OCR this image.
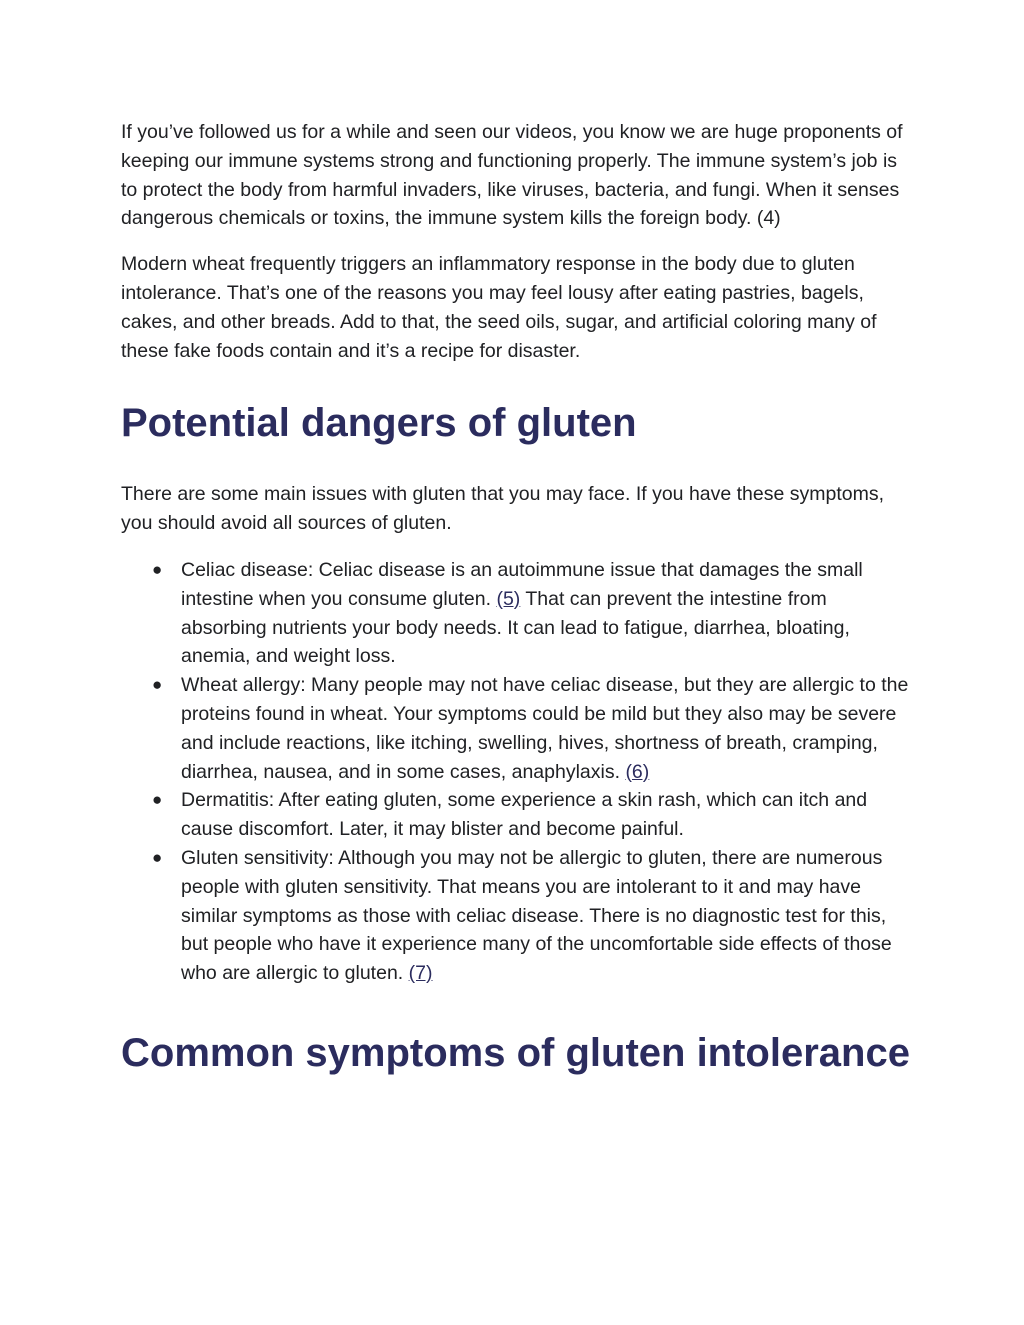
If you’ve followed us for a while and seen our videos, you know we are huge proponents of keeping our immune systems strong and functioning properly. The immune system’s job is to protect the body from harmful invaders, like viruses, bacteria, and fungi. When it senses dangerous chemicals or toxins, the immune system kills the foreign body. (4)

Modern wheat frequently triggers an inflammatory response in the body due to gluten intolerance. That’s one of the reasons you may feel lousy after eating pastries, bagels, cakes, and other breads. Add to that, the seed oils, sugar, and artificial coloring many of these fake foods contain and it’s a recipe for disaster.

Potential dangers of gluten

There are some main issues with gluten that you may face. If you have these symptoms, you should avoid all sources of gluten.

● Celiac disease: Celiac disease is an autoimmune issue that damages the small intestine when you consume gluten. (5) That can prevent the intestine from absorbing nutrients your body needs. It can lead to fatigue, diarrhea, bloating, anemia, and weight loss.
● Wheat allergy: Many people may not have celiac disease, but they are allergic to the proteins found in wheat. Your symptoms could be mild but they also may be severe and include reactions, like itching, swelling, hives, shortness of breath, cramping, diarrhea, nausea, and in some cases, anaphylaxis. (6)
● Dermatitis: After eating gluten, some experience a skin rash, which can itch and cause discomfort. Later, it may blister and become painful.
● Gluten sensitivity: Although you may not be allergic to gluten, there are numerous people with gluten sensitivity. That means you are intolerant to it and may have similar symptoms as those with celiac disease. There is no diagnostic test for this, but people who have it experience many of the uncomfortable side effects of those who are allergic to gluten. (7)
Common symptoms of gluten intolerance
